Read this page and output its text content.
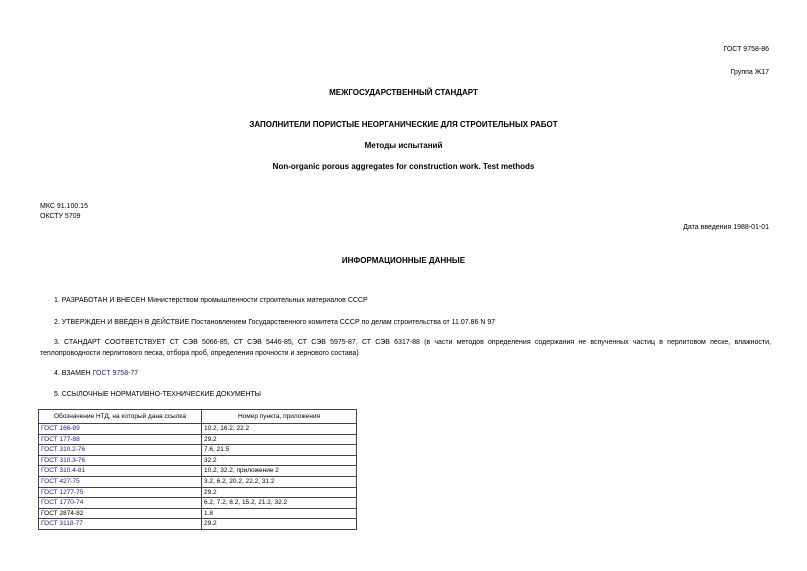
ГОСТ 9758-86
Группа Ж17
МЕЖГОСУДАРСТВЕННЫЙ СТАНДАРТ
ЗАПОЛНИТЕЛИ ПОРИСТЫЕ НЕОРГАНИЧЕСКИЕ ДЛЯ СТРОИТЕЛЬНЫХ РАБОТ
Методы испытаний
Non-organic porous aggregates for construction work. Test methods
МКС 91.100.15
ОКСТУ 5709
Дата введения 1988-01-01
ИНФОРМАЦИОННЫЕ ДАННЫЕ
1. РАЗРАБОТАН И ВНЕСЕН Министерством промышленности строительных материалов СССР
2. УТВЕРЖДЕН И ВВЕДЕН В ДЕЙСТВИЕ Постановлением Государственного комитета СССР по делам строительства от 11.07.86 N 97
3. СТАНДАРТ СООТВЕТСТВУЕТ СТ СЭВ 5066-85, СТ СЭВ 5446-85, СТ СЭВ 5975-87, СТ СЭВ 6317-88 (в части методов определения содержания не вспученных частиц в перлитовом песке, влажности, теплопроводности перлитового песка, отбора проб, определения прочности и зернового состава)
4. ВЗАМЕН ГОСТ 9758-77
5. ССЫЛОЧНЫЕ НОРМАТИВНО-ТЕХНИЧЕСКИЕ ДОКУМЕНТЫ
Обозначение НТД, на который дана ссылка	Номер пункта, приложения
ГОСТ 166-89	10.2, 16.2, 22.2
ГОСТ 177-88	29.2
ГОСТ 310.2-76	7.6, 21.5
ГОСТ 310.3-76	32.2
ГОСТ 310.4-81	10.2, 32.2, приложение 2
ГОСТ 427-75	3.2, 6.2, 20.2, 22.2, 31.2
ГОСТ 1277-75	29.2
ГОСТ 1770-74	6.2, 7.2, 8.2, 15.2, 21.2, 32.2
ГОСТ 2874-82	1.8
ГОСТ 3118-77	29.2
